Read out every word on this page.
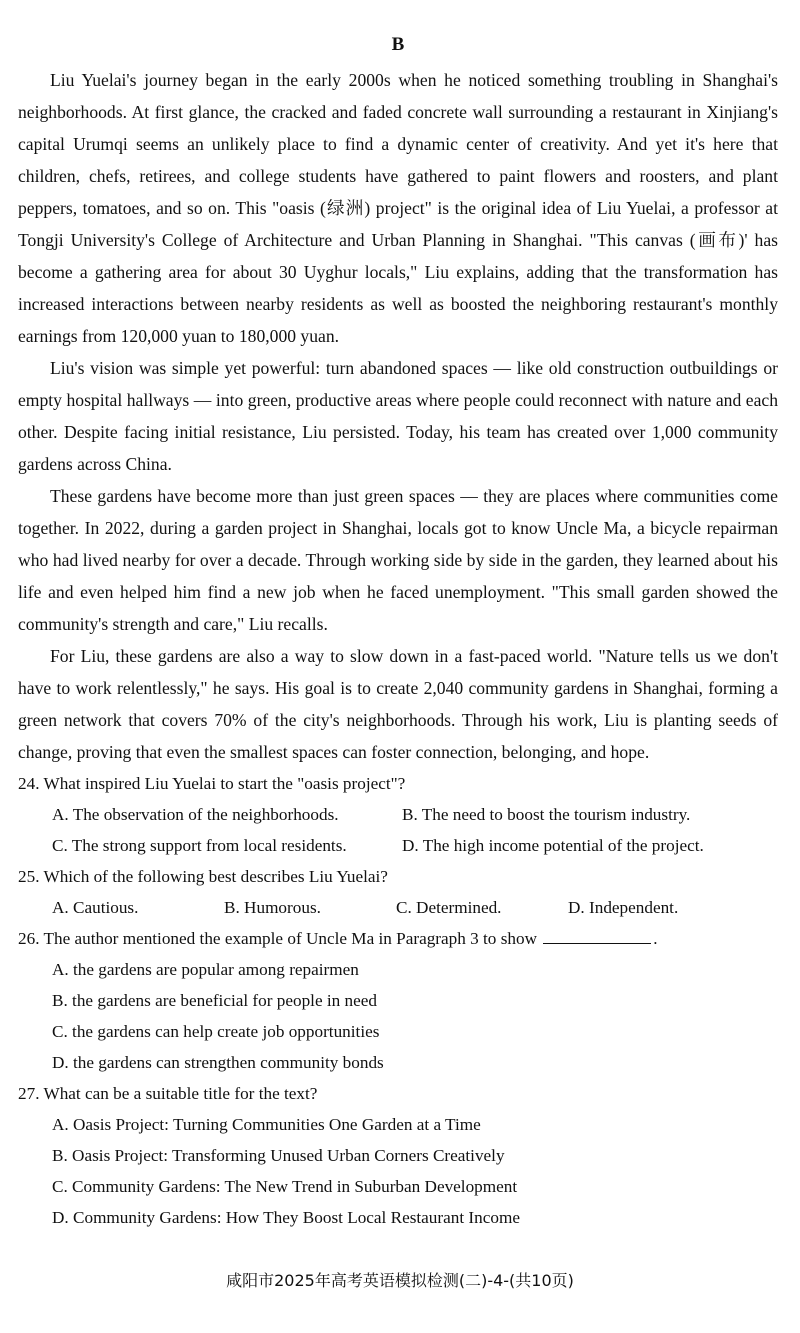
B

Liu Yuelai's journey began in the early 2000s when he noticed something troubling in Shanghai's neighborhoods. At first glance, the cracked and faded concrete wall surrounding a restaurant in Xinjiang's capital Urumqi seems an unlikely place to find a dynamic center of creativity. And yet it's here that children, chefs, retirees, and college students have gathered to paint flowers and roosters, and plant peppers, tomatoes, and so on. This "oasis (绿洲) project" is the original idea of Liu Yuelai, a professor at Tongji University's College of Architecture and Urban Planning in Shanghai. "This canvas (画布)' has become a gathering area for about 30 Uyghur locals," Liu explains, adding that the transformation has increased interactions between nearby residents as well as boosted the neighboring restaurant's monthly earnings from 120,000 yuan to 180,000 yuan.

Liu's vision was simple yet powerful: turn abandoned spaces — like old construction outbuildings or empty hospital hallways — into green, productive areas where people could reconnect with nature and each other. Despite facing initial resistance, Liu persisted. Today, his team has created over 1,000 community gardens across China.

These gardens have become more than just green spaces — they are places where communities come together. In 2022, during a garden project in Shanghai, locals got to know Uncle Ma, a bicycle repairman who had lived nearby for over a decade. Through working side by side in the garden, they learned about his life and even helped him find a new job when he faced unemployment. "This small garden showed the community's strength and care," Liu recalls.

For Liu, these gardens are also a way to slow down in a fast-paced world. "Nature tells us we don't have to work relentlessly," he says. His goal is to create 2,040 community gardens in Shanghai, forming a green network that covers 70% of the city's neighborhoods. Through his work, Liu is planting seeds of change, proving that even the smallest spaces can foster connection, belonging, and hope.

24. What inspired Liu Yuelai to start the "oasis project"?
A. The observation of the neighborhoods.	B. The need to boost the tourism industry.
C. The strong support from local residents.	D. The high income potential of the project.
25. Which of the following best describes Liu Yuelai?
A. Cautious.	B. Humorous.	C. Determined.	D. Independent.
26. The author mentioned the example of Uncle Ma in Paragraph 3 to show	.
A. the gardens are popular among repairmen
B. the gardens are beneficial for people in need
C. the gardens can help create job opportunities
D. the gardens can strengthen community bonds
27. What can be a suitable title for the text?
A. Oasis Project: Turning Communities One Garden at a Time
B. Oasis Project: Transforming Unused Urban Corners Creatively
C. Community Gardens: The New Trend in Suburban Development
D. Community Gardens: How They Boost Local Restaurant Income
咸阳市2025年高考英语模拟检测(二)-4-(共10页)
